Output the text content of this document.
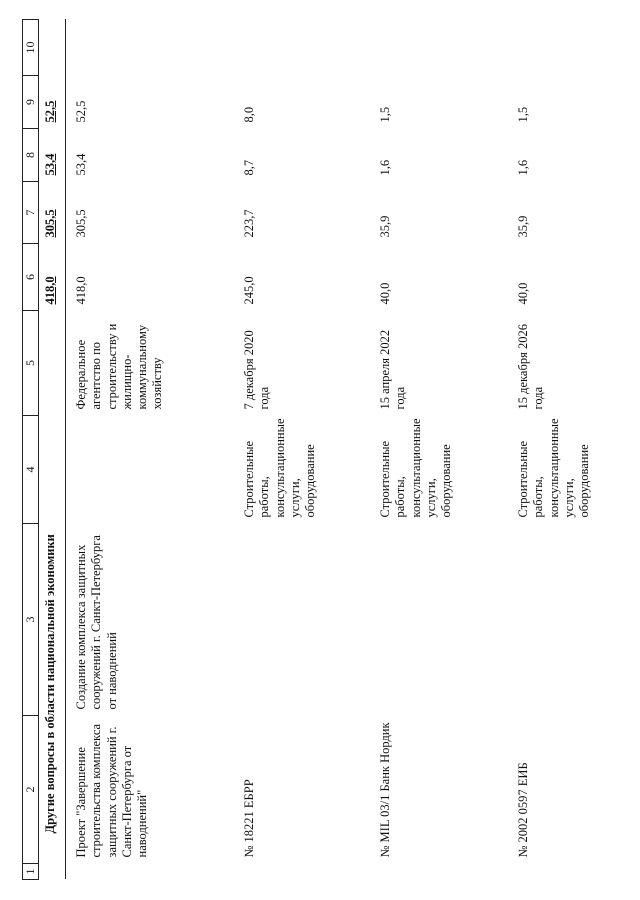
1	2	3	4	5	6	7	8	9	10
	Другие вопросы в области национальной экономики				418,0	305,5	53,4	52,5	
	Проект "Завершение строительства комплекса защитных сооружений г. Санкт-Петербурга от наводнений"	Создание комплекса защитных сооружений г. Санкт-Петербурга от наводнений		Федеральное агентство по строительству и жилищно-коммунальному хозяйству	418,0	305,5	53,4	52,5	
	№ 18221 ЕБРР		Строительные работы, консультационные услуги, оборудование	7 декабря 2020 года	245,0	223,7	8,7	8,0	
	№ MIL 03/1 Банк Нордик		Строительные работы, консультационные услуги, оборудование	15 апреля 2022 года	40,0	35,9	1,6	1,5	
	№ 2002 0597 ЕИБ		Строительные работы, консультационные услуги, оборудование	15 декабря 2026 года	40,0	35,9	1,6	1,5	
